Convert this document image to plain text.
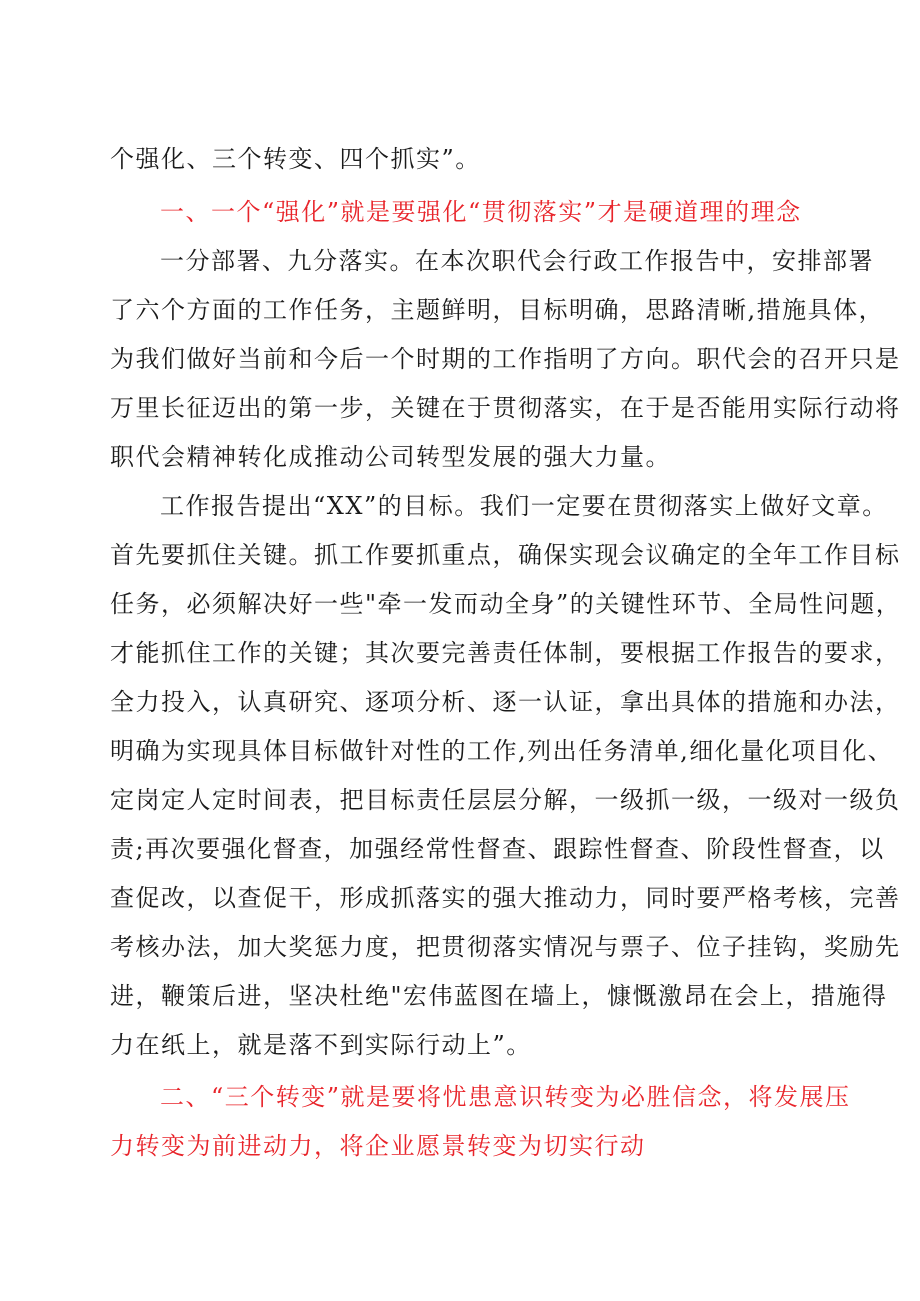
个强化、三个转变、四个抓实”。
一、一个“强化”就是要强化“贯彻落实”才是硬道理的理念
一分部署、九分落实。在本次职代会行政工作报告中，安排部署
了六个方面的工作任务，主题鲜明，目标明确，思路清晰,措施具体，
为我们做好当前和今后一个时期的工作指明了方向。职代会的召开只是
万里长征迈出的第一步，关键在于贯彻落实，在于是否能用实际行动将
职代会精神转化成推动公司转型发展的强大力量。
工作报告提出“XX”的目标。我们一定要在贯彻落实上做好文章。
首先要抓住关键。抓工作要抓重点，确保实现会议确定的全年工作目标
任务，必须解决好一些"牵一发而动全身”的关键性环节、全局性问题，
才能抓住工作的关键；其次要完善责任体制，要根据工作报告的要求，
全力投入，认真研究、逐项分析、逐一认证，拿出具体的措施和办法，
明确为实现具体目标做针对性的工作,列出任务清单,细化量化项目化、
定岗定人定时间表，把目标责任层层分解，一级抓一级，一级对一级负
责;再次要强化督查，加强经常性督查、跟踪性督查、阶段性督查，以
查促改，以查促干，形成抓落实的强大推动力，同时要严格考核，完善
考核办法，加大奖惩力度，把贯彻落实情况与票子、位子挂钩，奖励先
进，鞭策后进，坚决杜绝"宏伟蓝图在墙上，慷慨激昂在会上，措施得
力在纸上，就是落不到实际行动上”。
二、“三个转变”就是要将忧患意识转变为必胜信念，将发展压
力转变为前进动力，将企业愿景转变为切实行动
